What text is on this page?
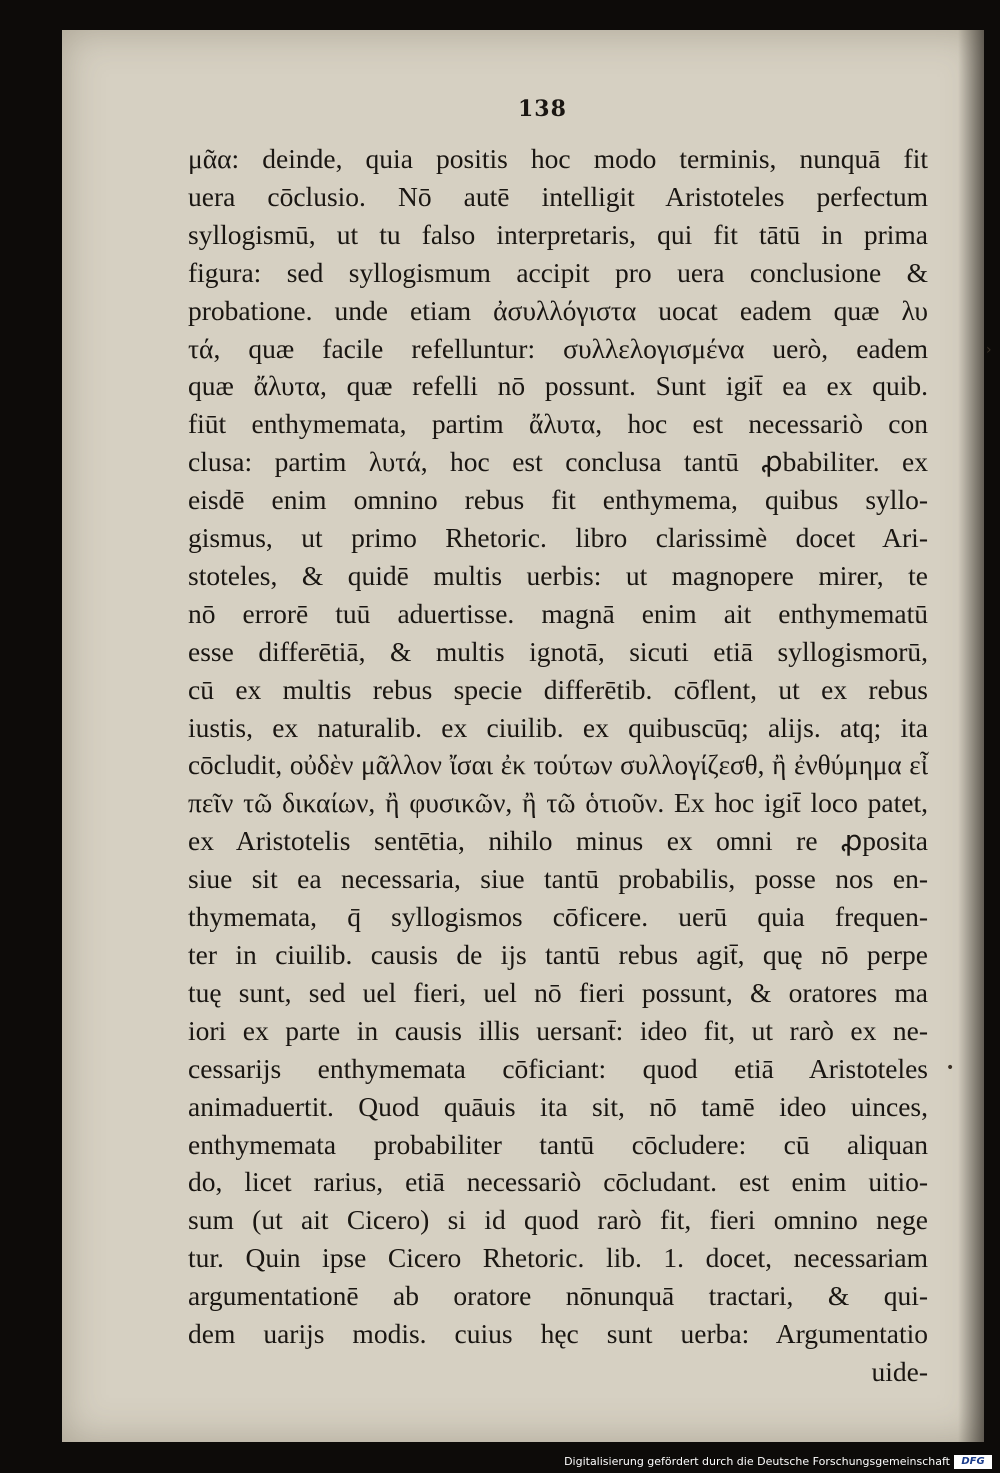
138
μᾶα: deinde, quia positis hoc modo terminis, nunquā fit
uera cōclusio. Nō autē intelligit Aristoteles perfectum
syllogismū, ut tu falso interpretaris, qui fit tātū in prima
figura: sed syllogismum accipit pro uera conclusione &
probatione. unde etiam ἀσυλλόγιστα uocat eadem quæ λυ
τά, quæ facile refelluntur: συλλελογισμένα uerò, eadem
quæ ἄλυτα, quæ refelli nō possunt. Sunt igit̄ ea ex quib.
fiūt enthymemata, partim ἄλυτα, hoc est necessariò con
clusa: partim λυτά, hoc est conclusa tantū ꝓbabiliter. ex
eisdē enim omnino rebus fit enthymema, quibus syllo-
gismus, ut primo Rhetoric. libro clarissimè docet Ari-
stoteles, & quidē multis uerbis: ut magnopere mirer, te
nō errorē tuū aduertisse. magnā enim ait enthymematū
esse differētiā, & multis ignotā, sicuti etiā syllogismorū,
cū ex multis rebus specie differētib. cōflent, ut ex rebus
iustis, ex naturalib. ex ciuilib. ex quibuscūq; alijs. atq; ita
cōcludit, οὐδὲν μᾶλλον ἴσαι ἐκ τούτων συλλογίζεσθ, ἢ ἐνθύμημα εἶ
πεῖν τῶ δικαίων, ἢ φυσικῶν, ἢ τῶ ὁτιοῦν. Ex hoc igit̄ loco patet,
ex Aristotelis sentētia, nihilo minus ex omni re ꝓposita
siue sit ea necessaria, siue tantū probabilis, posse nos en-
thymemata, q̄ syllogismos cōficere. uerū quia frequen-
ter in ciuilib. causis de ijs tantū rebus agit̄, quę nō perpe
tuę sunt, sed uel fieri, uel nō fieri possunt, & oratores ma
iori ex parte in causis illis uersant̄: ideo fit, ut rarò ex ne-
cessarijs enthymemata cōficiant: quod etiā Aristoteles
animaduertit. Quod quāuis ita sit, nō tamē ideo uinces,
enthymemata probabiliter tantū cōcludere: cū aliquan
do, licet rarius, etiā necessariò cōcludant. est enim uitio-
sum (ut ait Cicero) si id quod rarò fit, fieri omnino nege
tur. Quin ipse Cicero Rhetoric. lib. 1. docet, necessariam
argumentationē ab oratore nōnunquā tractari, & qui-
dem uarijs modis. cuius hęc sunt uerba: Argumentatio
uide-
›
•
Digitalisierung gefördert durch die Deutsche Forschungsgemeinschaft	DFG
